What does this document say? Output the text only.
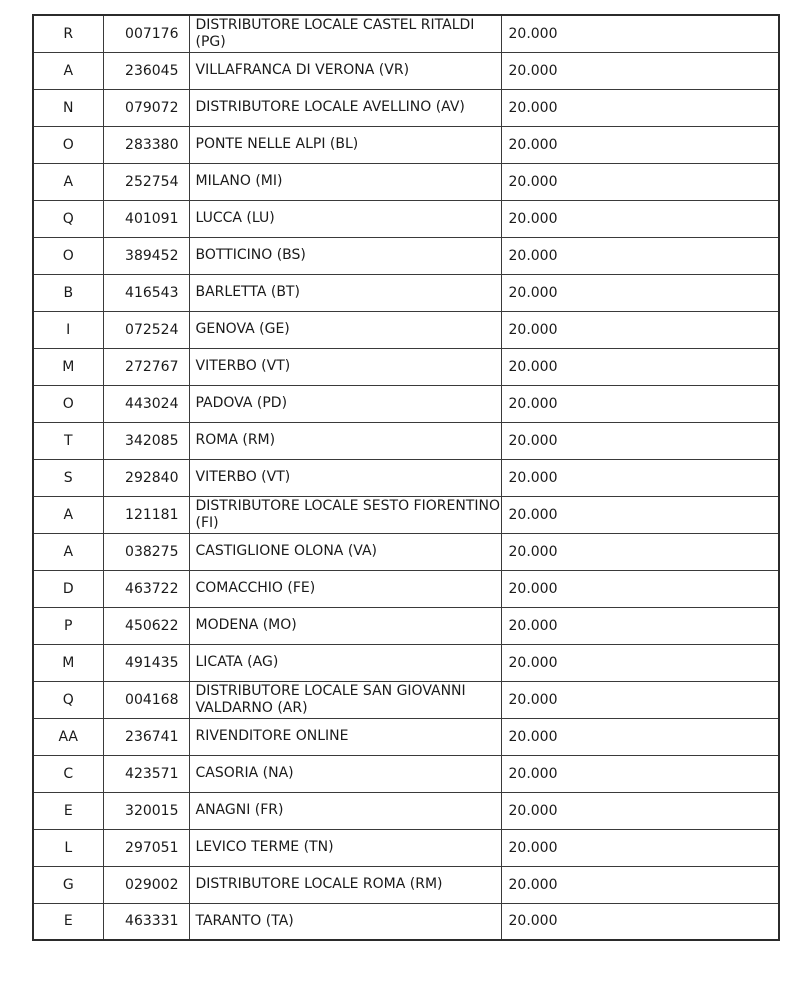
R	007176	DISTRIBUTORE LOCALE CASTEL RITALDI (PG)	20.000
A	236045	VILLAFRANCA DI VERONA (VR)	20.000
N	079072	DISTRIBUTORE LOCALE AVELLINO (AV)	20.000
O	283380	PONTE NELLE ALPI (BL)	20.000
A	252754	MILANO (MI)	20.000
Q	401091	LUCCA (LU)	20.000
O	389452	BOTTICINO (BS)	20.000
B	416543	BARLETTA (BT)	20.000
I	072524	GENOVA (GE)	20.000
M	272767	VITERBO (VT)	20.000
O	443024	PADOVA (PD)	20.000
T	342085	ROMA (RM)	20.000
S	292840	VITERBO (VT)	20.000
A	121181	DISTRIBUTORE LOCALE SESTO FIORENTINO (FI)	20.000
A	038275	CASTIGLIONE OLONA (VA)	20.000
D	463722	COMACCHIO (FE)	20.000
P	450622	MODENA (MO)	20.000
M	491435	LICATA (AG)	20.000
Q	004168	DISTRIBUTORE LOCALE SAN GIOVANNI VALDARNO (AR)	20.000
AA	236741	RIVENDITORE ONLINE	20.000
C	423571	CASORIA (NA)	20.000
E	320015	ANAGNI (FR)	20.000
L	297051	LEVICO TERME (TN)	20.000
G	029002	DISTRIBUTORE LOCALE ROMA (RM)	20.000
E	463331	TARANTO (TA)	20.000
